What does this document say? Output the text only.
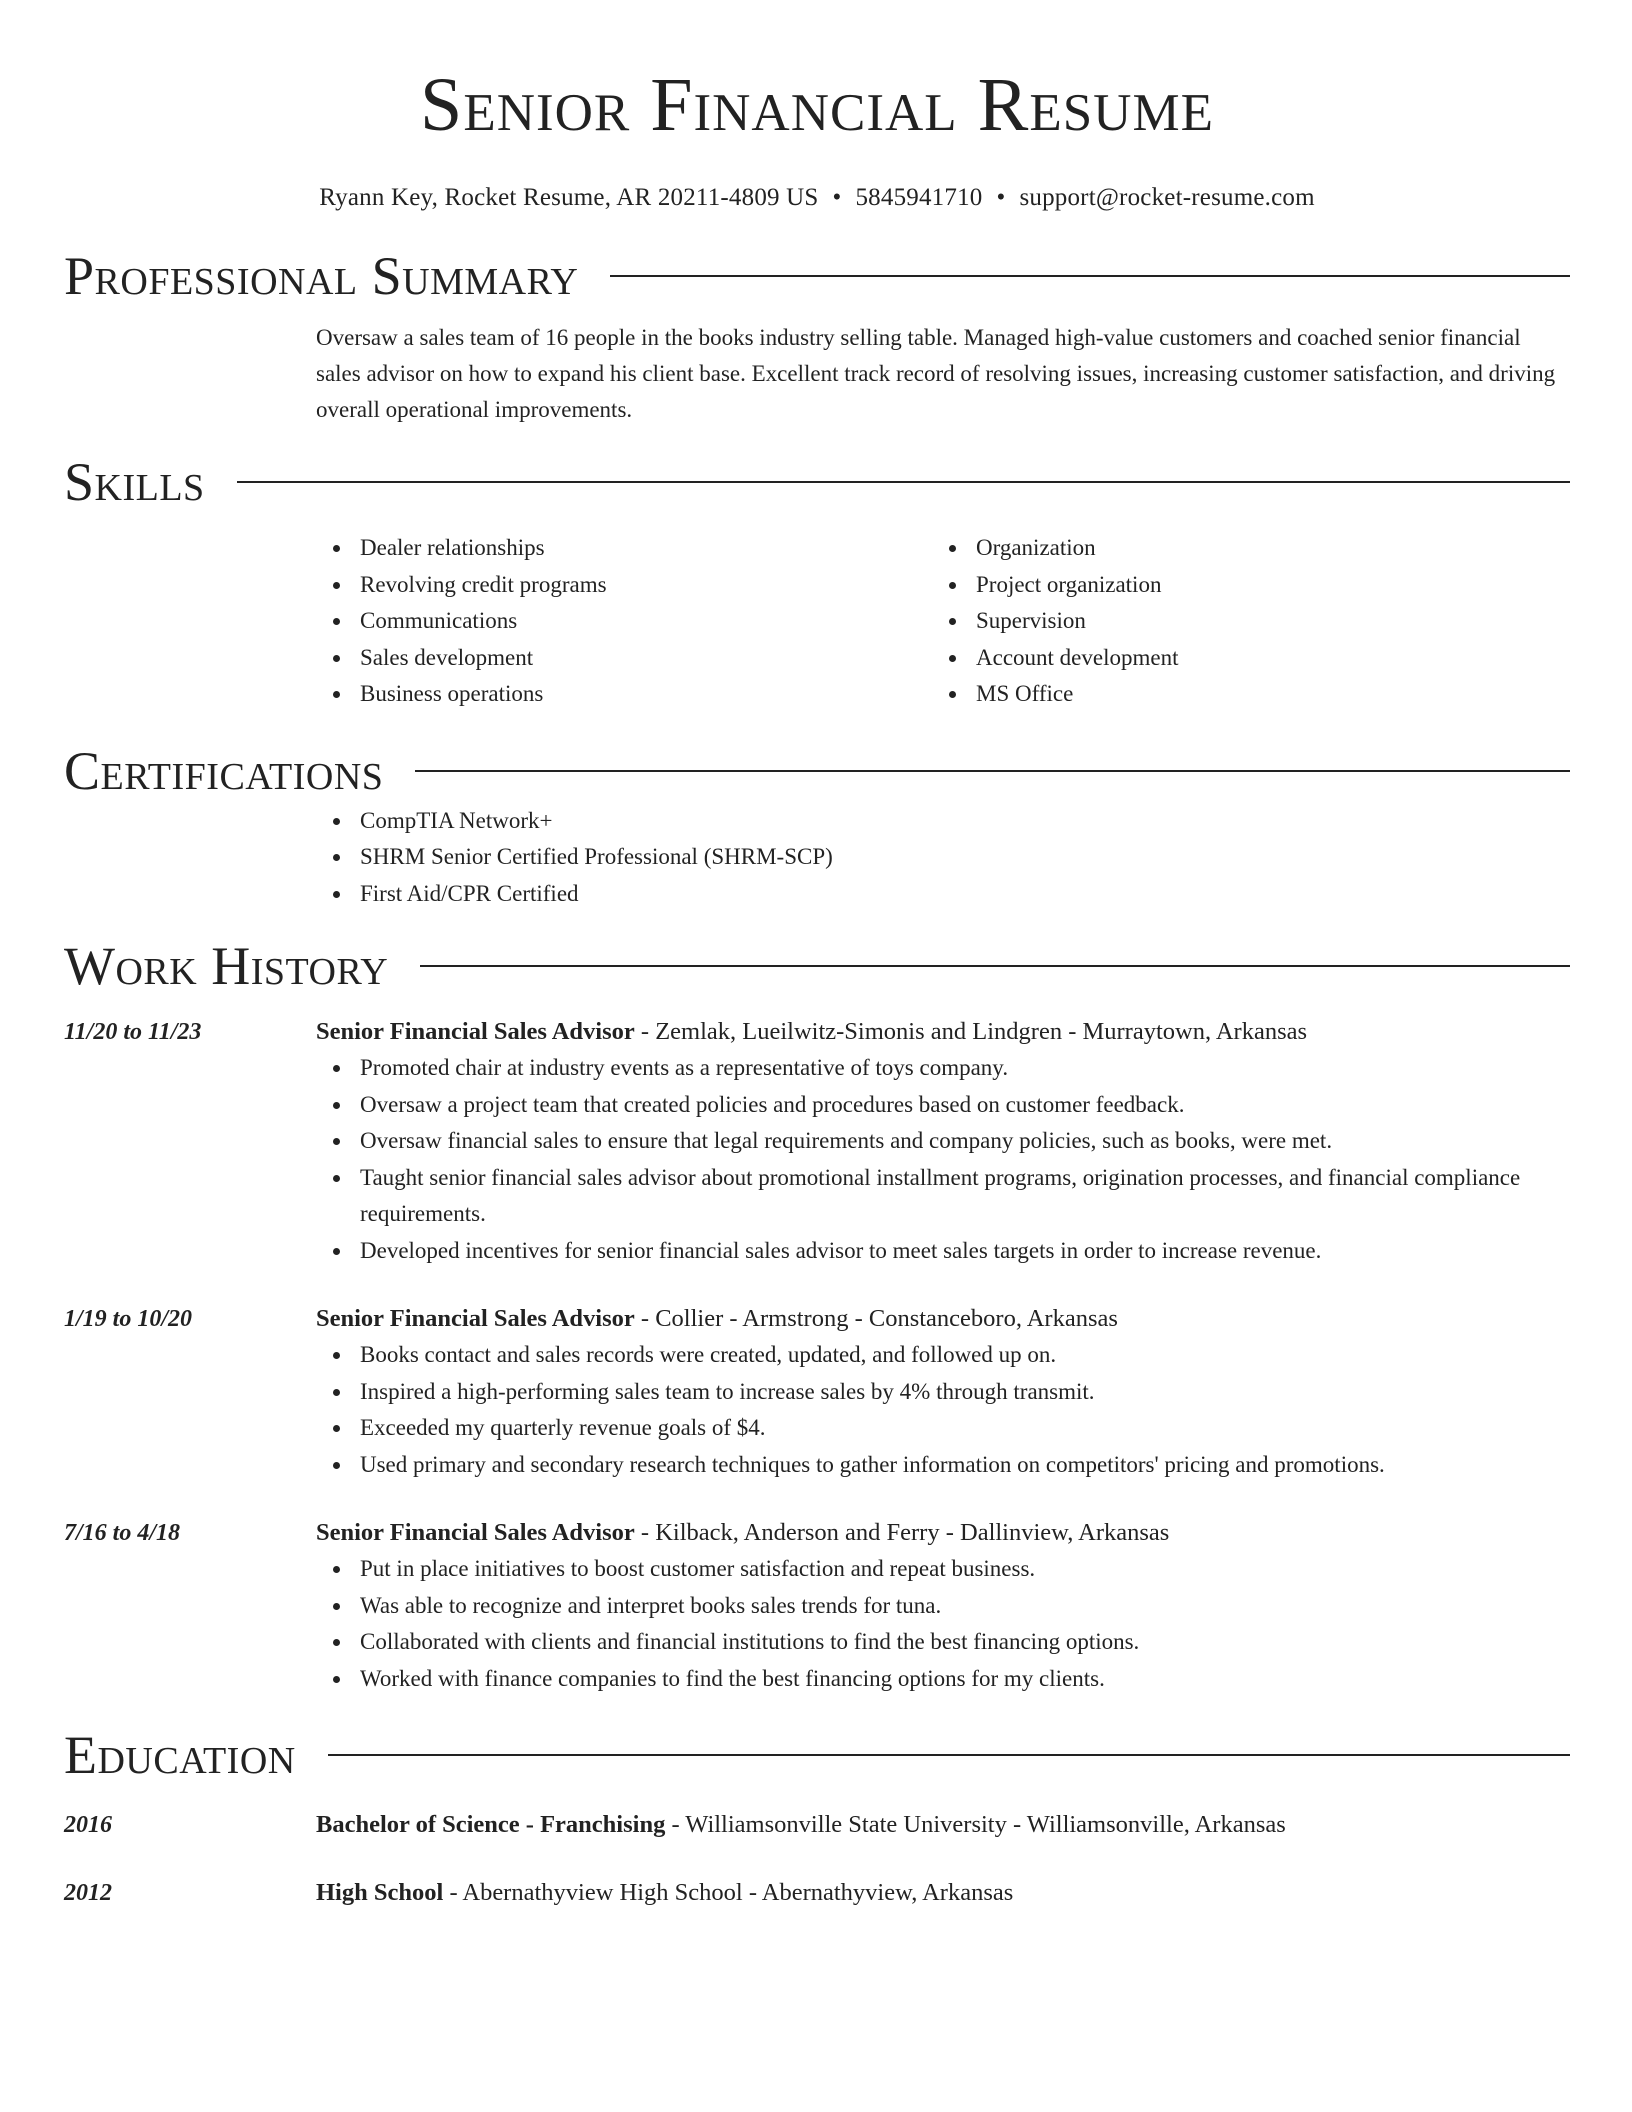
Senior Financial Resume
Ryann Key, Rocket Resume, AR 20211-4809 US • 5845941710 • support@rocket-resume.com
Professional Summary

Oversaw a sales team of 16 people in the books industry selling table. Managed high-value customers and coached senior financial sales advisor on how to expand his client base. Excellent track record of resolving issues, increasing customer satisfaction, and driving overall operational improvements.

Skills
Dealer relationships
Revolving credit programs
Communications
Sales development
Business operations
Organization
Project organization
Supervision
Account development
MS Office
Certifications
CompTIA Network+
SHRM Senior Certified Professional (SHRM-SCP)
First Aid/CPR Certified
Work History
11/20 to 11/23	Senior Financial Sales Advisor - Zemlak, Lueilwitz-Simonis and Lindgren - Murraytown, Arkansas
Promoted chair at industry events as a representative of toys company.
Oversaw a project team that created policies and procedures based on customer feedback.
Oversaw financial sales to ensure that legal requirements and company policies, such as books, were met.
Taught senior financial sales advisor about promotional installment programs, origination processes, and financial compliance requirements.
Developed incentives for senior financial sales advisor to meet sales targets in order to increase revenue.
1/19 to 10/20	Senior Financial Sales Advisor - Collier - Armstrong - Constanceboro, Arkansas
Books contact and sales records were created, updated, and followed up on.
Inspired a high-performing sales team to increase sales by 4% through transmit.
Exceeded my quarterly revenue goals of $4.
Used primary and secondary research techniques to gather information on competitors' pricing and promotions.
7/16 to 4/18	Senior Financial Sales Advisor - Kilback, Anderson and Ferry - Dallinview, Arkansas
Put in place initiatives to boost customer satisfaction and repeat business.
Was able to recognize and interpret books sales trends for tuna.
Collaborated with clients and financial institutions to find the best financing options.
Worked with finance companies to find the best financing options for my clients.
Education
2016	Bachelor of Science - Franchising - Williamsonville State University - Williamsonville, Arkansas
2012	High School - Abernathyview High School - Abernathyview, Arkansas
